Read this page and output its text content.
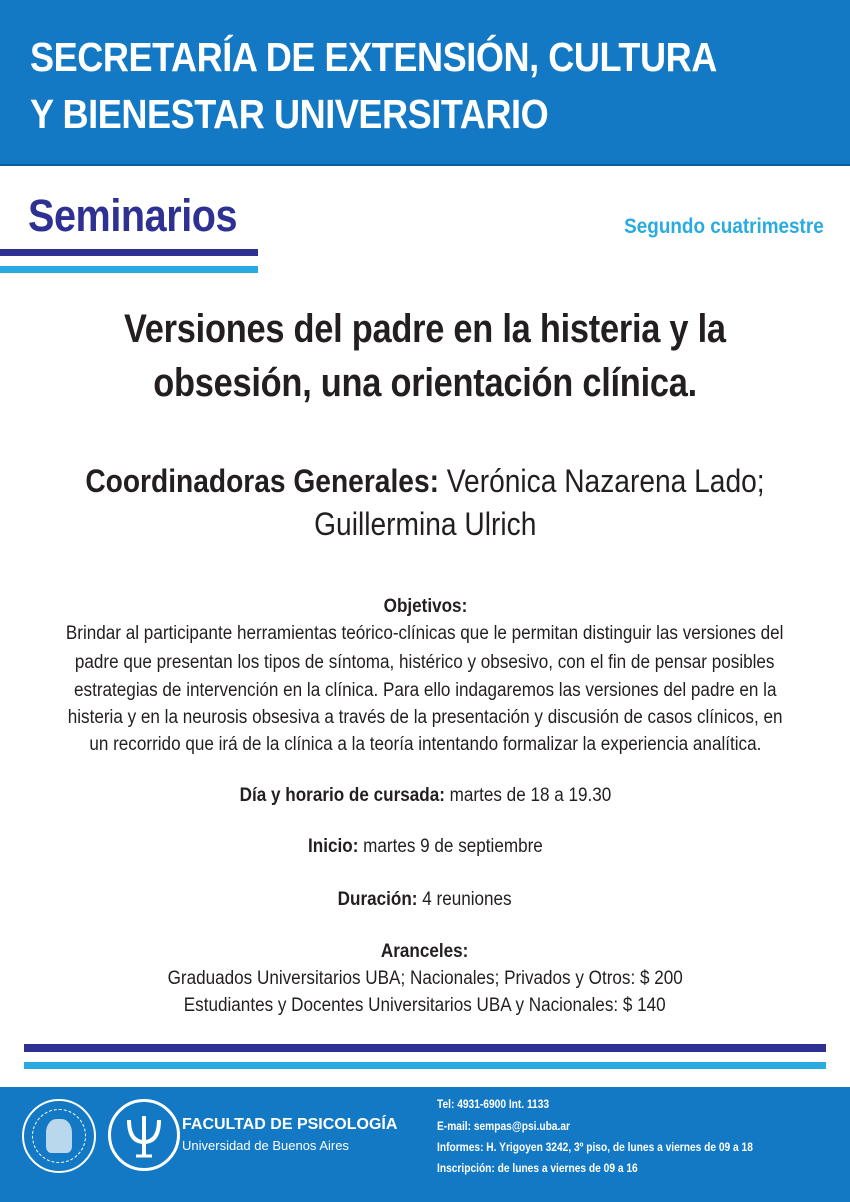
SECRETARÍA DE EXTENSIÓN, CULTURA
Y BIENESTAR UNIVERSITARIO
Seminarios	Segundo cuatrimestre
Versiones del padre en la histeria y la
obsesión, una orientación clínica.
Coordinadoras Generales: Verónica Nazarena Lado;
Guillermina Ulrich
Objetivos:
Brindar al participante herramientas teórico-clínicas que le permitan distinguir las versiones del
padre que presentan los tipos de síntoma, histérico y obsesivo, con el fin de pensar posibles
estrategias de intervención en la clínica. Para ello indagaremos las versiones del padre en la
histeria y en la neurosis obsesiva a través de la presentación y discusión de casos clínicos, en
un recorrido que irá de la clínica a la teoría intentando formalizar la experiencia analítica.
Día y horario de cursada: martes de 18 a 19.30
Inicio: martes 9 de septiembre
Duración: 4 reuniones
Aranceles:
Graduados Universitarios UBA; Nacionales; Privados y Otros: $ 200
Estudiantes y Docentes Universitarios UBA y Nacionales: $ 140
FACULTAD DE PSICOLOGÍA
Universidad de Buenos Aires
Tel: 4931-6900 Int. 1133
E-mail: sempas@psi.uba.ar
Informes: H. Yrigoyen 3242, 3º piso, de lunes a viernes de 09 a 18
Inscripción: de lunes a viernes de 09 a 16
